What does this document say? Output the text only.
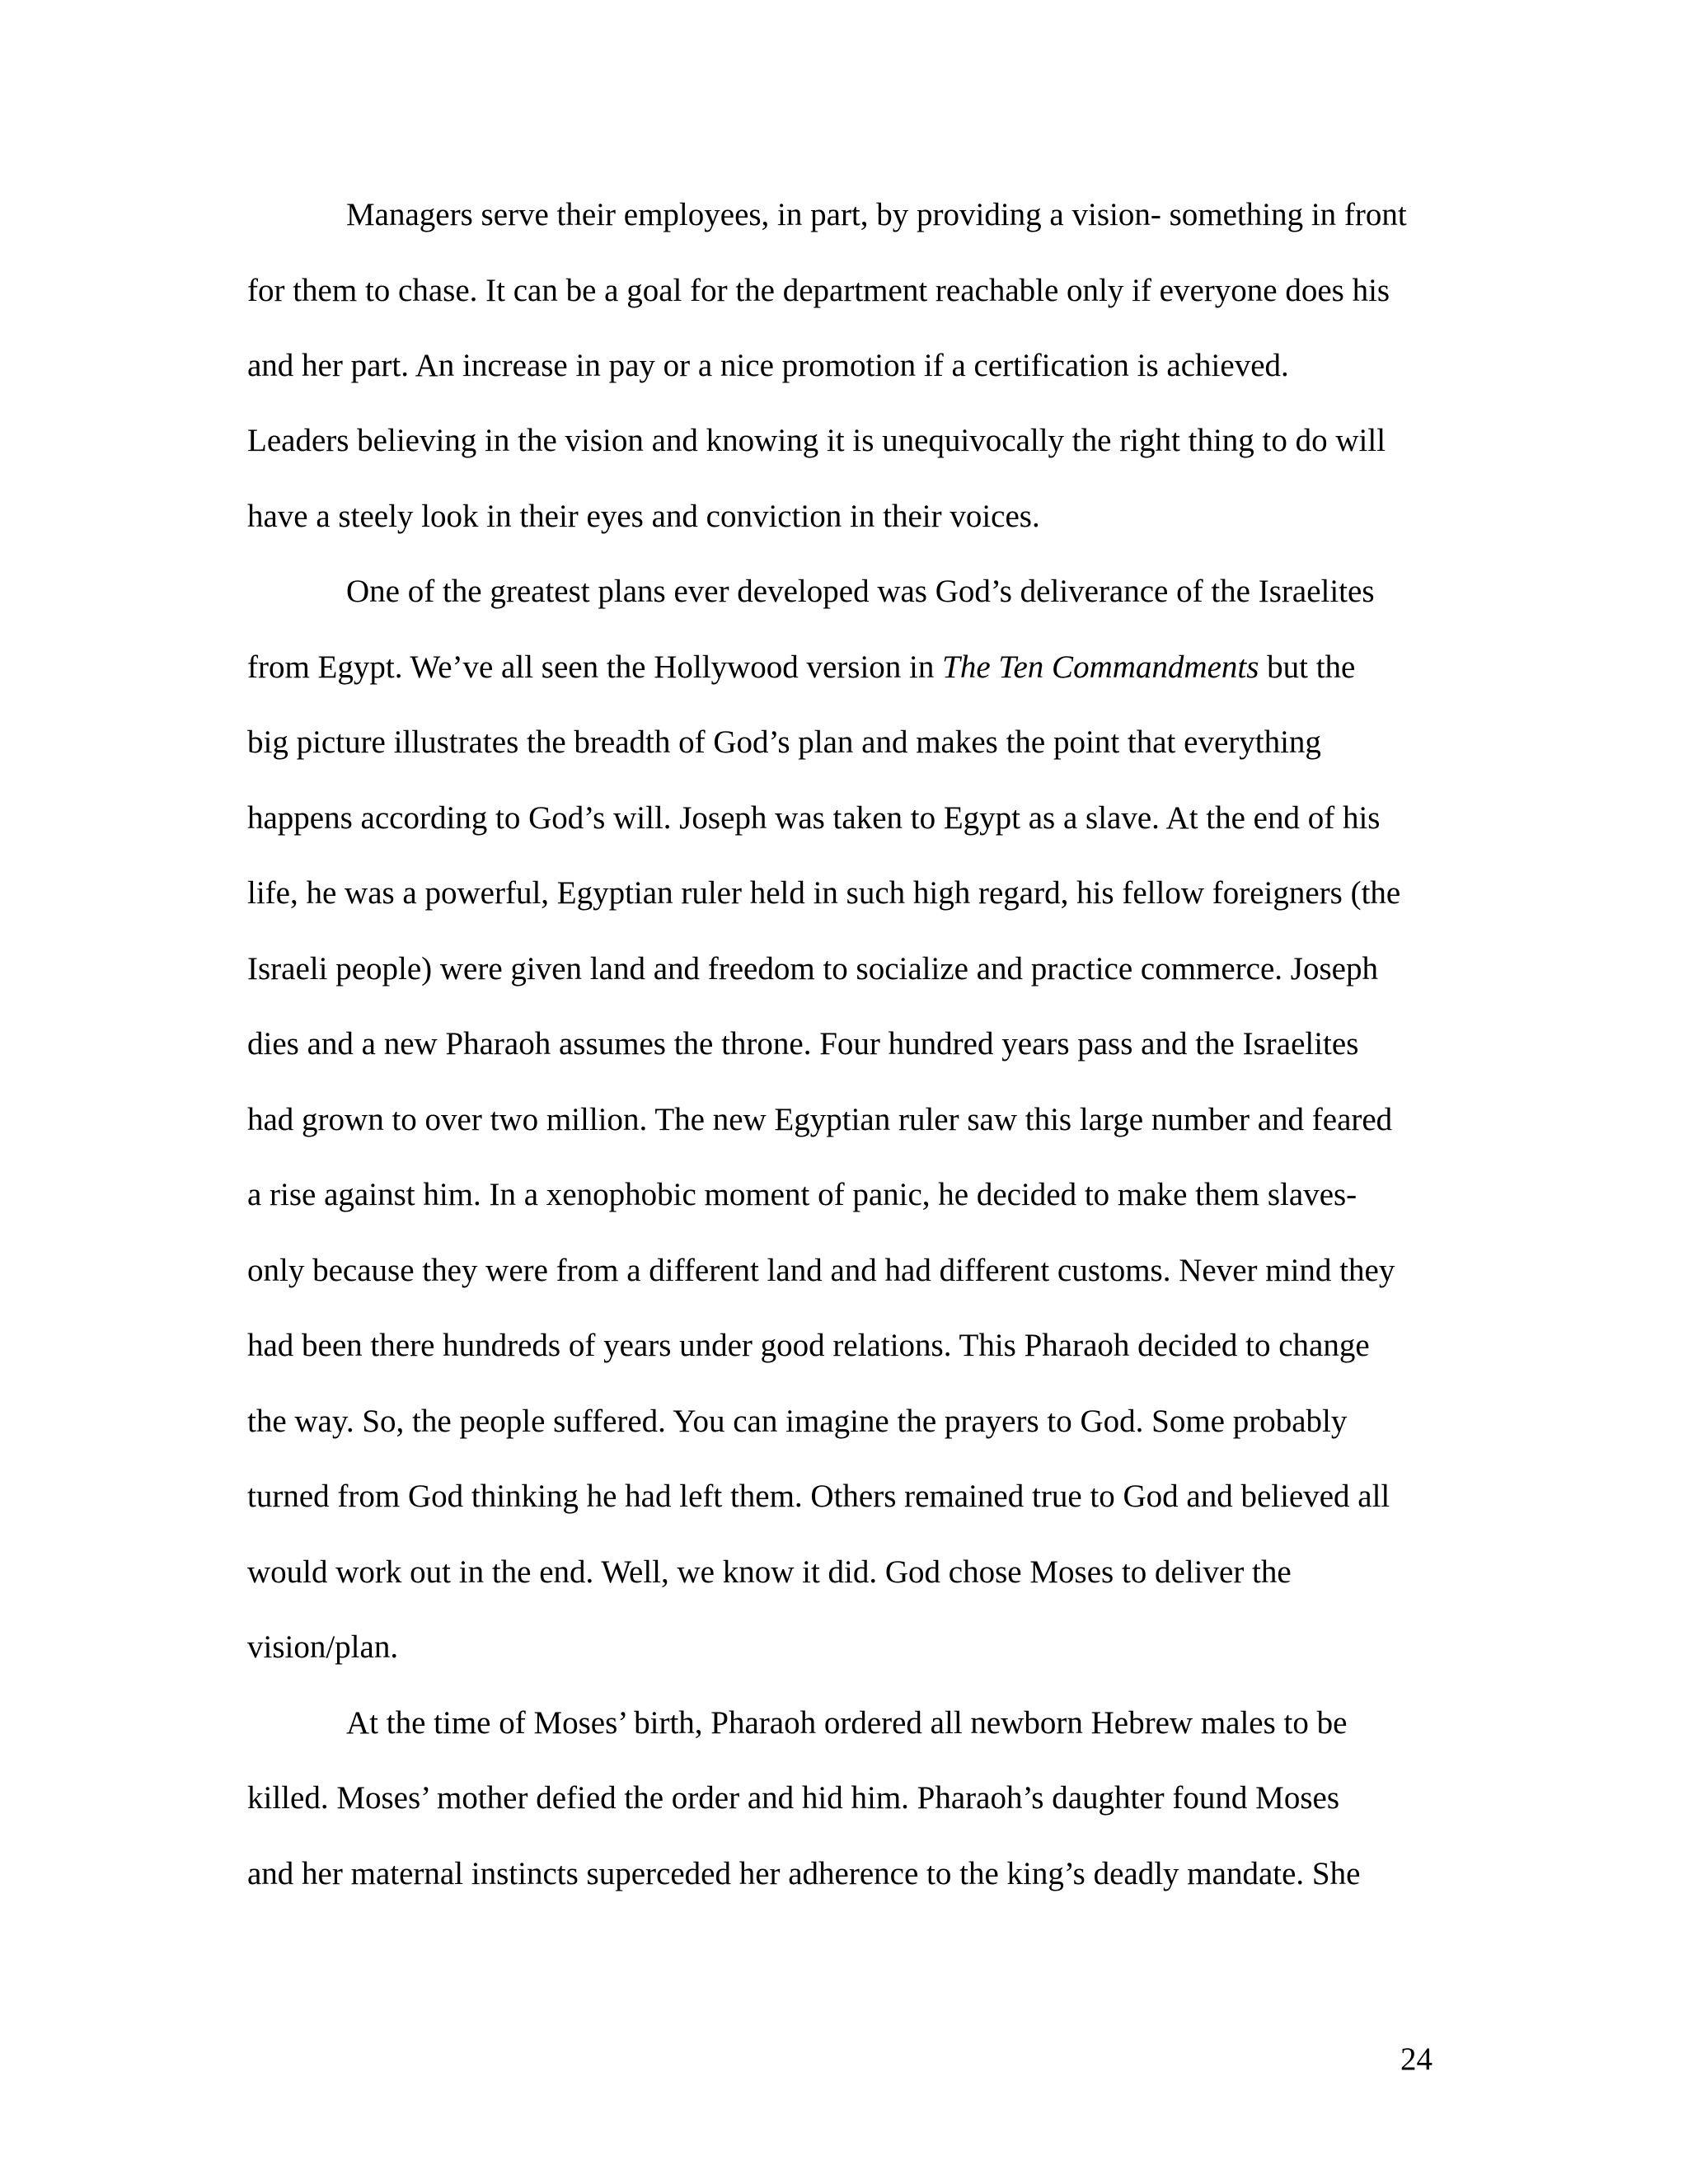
Managers serve their employees, in part, by providing a vision- something in front

for them to chase. It can be a goal for the department reachable only if everyone does his

and her part. An increase in pay or a nice promotion if a certification is achieved.

Leaders believing in the vision and knowing it is unequivocally the right thing to do will

have a steely look in their eyes and conviction in their voices.

One of the greatest plans ever developed was God’s deliverance of the Israelites

from Egypt. We’ve all seen the Hollywood version in The Ten Commandments but the

big picture illustrates the breadth of God’s plan and makes the point that everything

happens according to God’s will. Joseph was taken to Egypt as a slave. At the end of his

life, he was a powerful, Egyptian ruler held in such high regard, his fellow foreigners (the

Israeli people) were given land and freedom to socialize and practice commerce. Joseph

dies and a new Pharaoh assumes the throne. Four hundred years pass and the Israelites

had grown to over two million. The new Egyptian ruler saw this large number and feared

a rise against him. In a xenophobic moment of panic, he decided to make them slaves-

only because they were from a different land and had different customs. Never mind they

had been there hundreds of years under good relations. This Pharaoh decided to change

the way. So, the people suffered. You can imagine the prayers to God. Some probably

turned from God thinking he had left them. Others remained true to God and believed all

would work out in the end. Well, we know it did. God chose Moses to deliver the

vision/plan.

At the time of Moses’ birth, Pharaoh ordered all newborn Hebrew males to be

killed. Moses’ mother defied the order and hid him. Pharaoh’s daughter found Moses

and her maternal instincts superceded her adherence to the king’s deadly mandate. She

24
